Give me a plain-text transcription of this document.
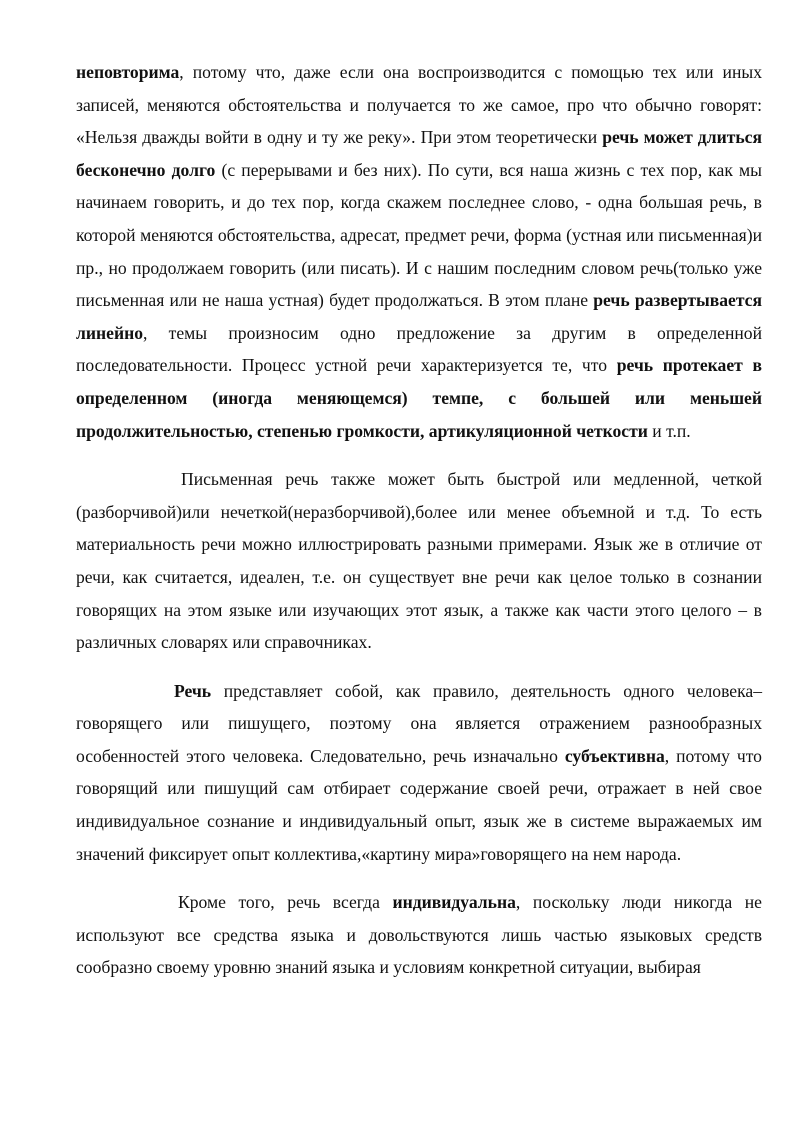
неповторима, потому что, даже если она воспроизводится с помощью тех или иных записей, меняются обстоятельства и получается то же самое, про что обычно говорят: «Нельзя дважды войти в одну и ту же реку». При этом теоретически речь может длиться бесконечно долго (с перерывами и без них). По сути, вся наша жизнь с тех пор, как мы начинаем говорить, и до тех пор, когда скажем последнее слово, - одна большая речь, в которой меняются обстоятельства, адресат, предмет речи, форма (устная или письменная)и пр., но продолжаем говорить (или писать). И с нашим последним словом речь(только уже письменная или не наша устная) будет продолжаться. В этом плане речь развертывается линейно, темы произносим одно предложение за другим в определенной последовательности. Процесс устной речи характеризуется те, что речь протекает в определенном (иногда меняющемся) темпе, с большей или меньшей продолжительностью, степенью громкости, артикуляционной четкости и т.п.

Письменная речь также может быть быстрой или медленной, четкой (разборчивой)или нечеткой(неразборчивой),более или менее объемной и т.д. То есть материальность речи можно иллюстрировать разными примерами. Язык же в отличие от речи, как считается, идеален, т.е. он существует вне речи как целое только в сознании говорящих на этом языке или изучающих этот язык, а также как части этого целого – в различных словарях или справочниках.

Речь представляет собой, как правило, деятельность одного человека– говорящего или пишущего, поэтому она является отражением разнообразных особенностей этого человека. Следовательно, речь изначально субъективна, потому что говорящий или пишущий сам отбирает содержание своей речи, отражает в ней свое индивидуальное сознание и индивидуальный опыт, язык же в системе выражаемых им значений фиксирует опыт коллектива,«картину мира»говорящего на нем народа.

Кроме того, речь всегда индивидуальна, поскольку люди никогда не используют все средства языка и довольствуются лишь частью языковых средств сообразно своему уровню знаний языка и условиям конкретной ситуации, выбирая
